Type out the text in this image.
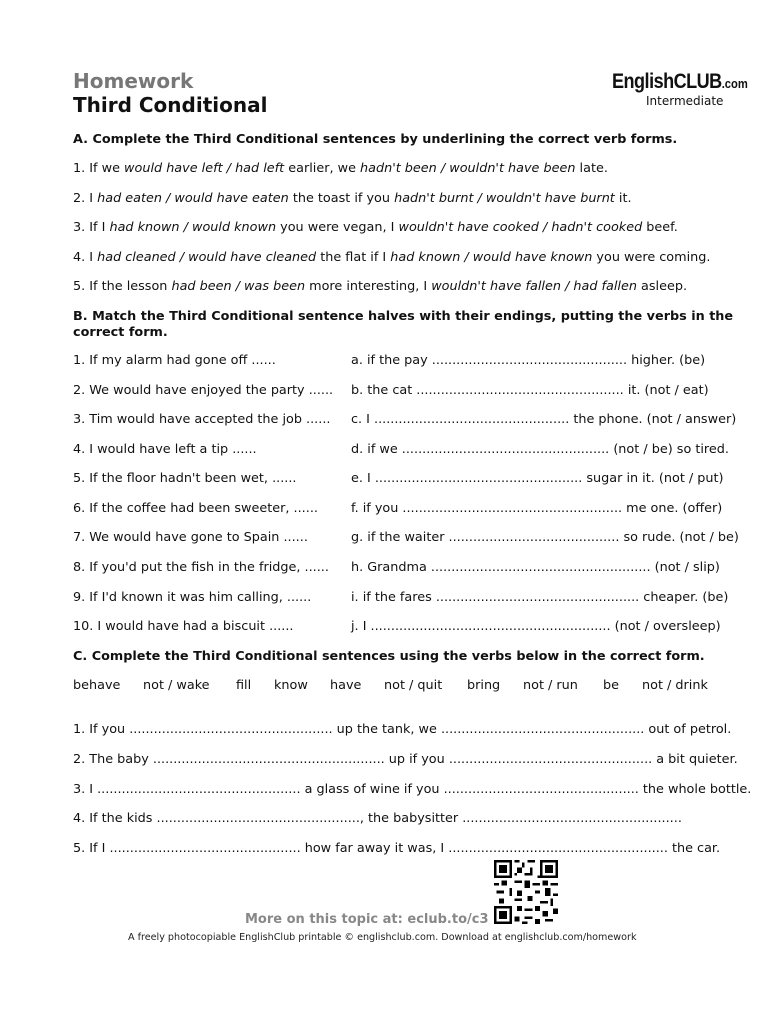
Homework
Third Conditional
EnglishCLUB.com
Intermediate
A. Complete the Third Conditional sentences by underlining the correct verb forms.
1. If we would have left / had left earlier, we hadn't been / wouldn't have been late.
2. I had eaten / would have eaten the toast if you hadn't burnt / wouldn't have burnt it.
3. If I had known / would known you were vegan, I wouldn't have cooked / hadn't cooked beef.
4. I had cleaned / would have cleaned the flat if I had known / would have known you were coming.
5. If the lesson had been / was been more interesting, I wouldn't have fallen / had fallen asleep.
B. Match the Third Conditional sentence halves with their endings, putting the verbs in the correct form.
1. If my alarm had gone off ......	a. if the pay ................................................ higher. (be)
2. We would have enjoyed the party ...... b. the cat ................................................... it. (not / eat)
3. Tim would have accepted the job ...... c. I ................................................ the phone. (not / answer)
4. I would have left a tip ......	d. if we ................................................... (not / be) so tired.
5. If the floor hadn't been wet, ......	e. I ................................................... sugar in it. (not / put)
6. If the coffee had been sweeter, ......	f. if you ...................................................... me one. (offer)
7. We would have gone to Spain ......	g. if the waiter .......................................... so rude. (not / be)
8. If you'd put the fish in the fridge, ...... h. Grandma ...................................................... (not / slip)
9. If I'd known it was him calling, ......	i. if the fares .................................................. cheaper. (be)
10. I would have had a biscuit ......	j. I ........................................................... (not / oversleep)
C. Complete the Third Conditional sentences using the verbs below in the correct form.
behave not / wake fill know have not / quit bring not / run be not / drink
1. If you .................................................. up the tank, we .................................................. out of petrol.
2. The baby ......................................................... up if you .................................................. a bit quieter.
3. I .................................................. a glass of wine if you ................................................ the whole bottle.
4. If the kids .................................................., the babysitter ......................................................
5. If I ............................................... how far away it was, I ...................................................... the car.
More on this topic at: eclub.to/c3
A freely photocopiable EnglishClub printable © englishclub.com. Download at englishclub.com/homework
